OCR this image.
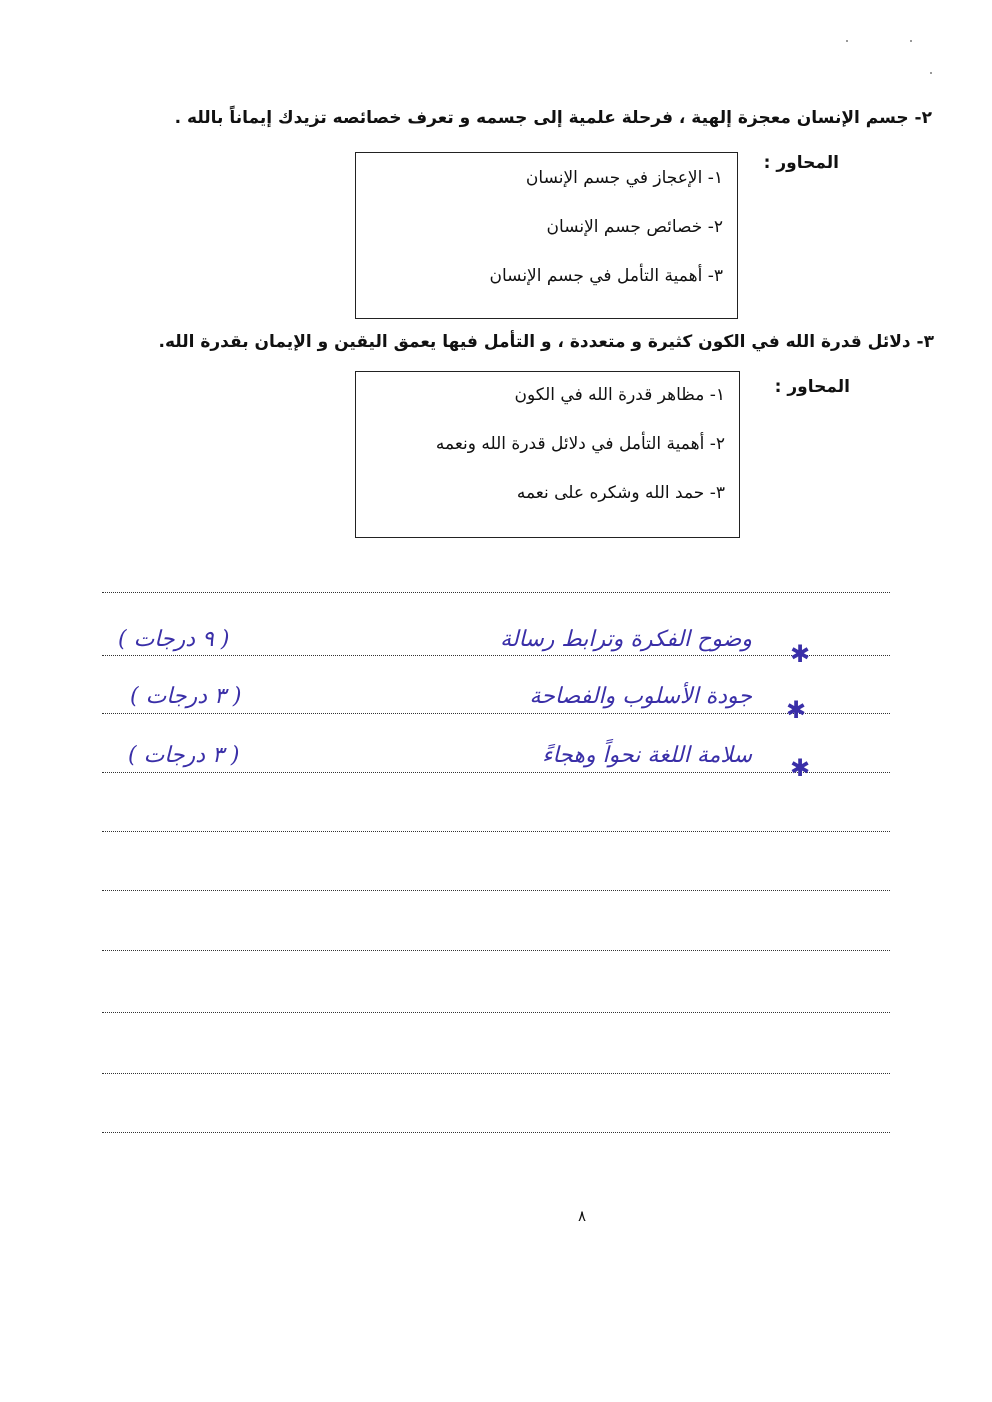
٢- جسم الإنسان معجزة إلهية ، فرحلة علمية إلى جسمه و تعرف خصائصه تزيدك إيماناً بالله .
المحاور :
١- الإعجاز في جسم الإنسان
٢- خصائص جسم الإنسان
٣- أهمية التأمل في جسم الإنسان
٣- دلائل قدرة الله في الكون كثيرة و متعددة ، و التأمل فيها يعمق اليقين و الإيمان بقدرة الله.
المحاور :
١- مظاهر قدرة الله في الكون
٢- أهمية التأمل في دلائل قدرة الله ونعمه
٣- حمد الله وشكره على نعمه
✱
وضوح الفكرة وترابط رسالة
( ٩ درجات )
✱
جودة الأسلوب والفصاحة
( ٣ درجات )
✱
سلامة اللغة نحواً وهجاءً
( ٣ درجات )
٨
